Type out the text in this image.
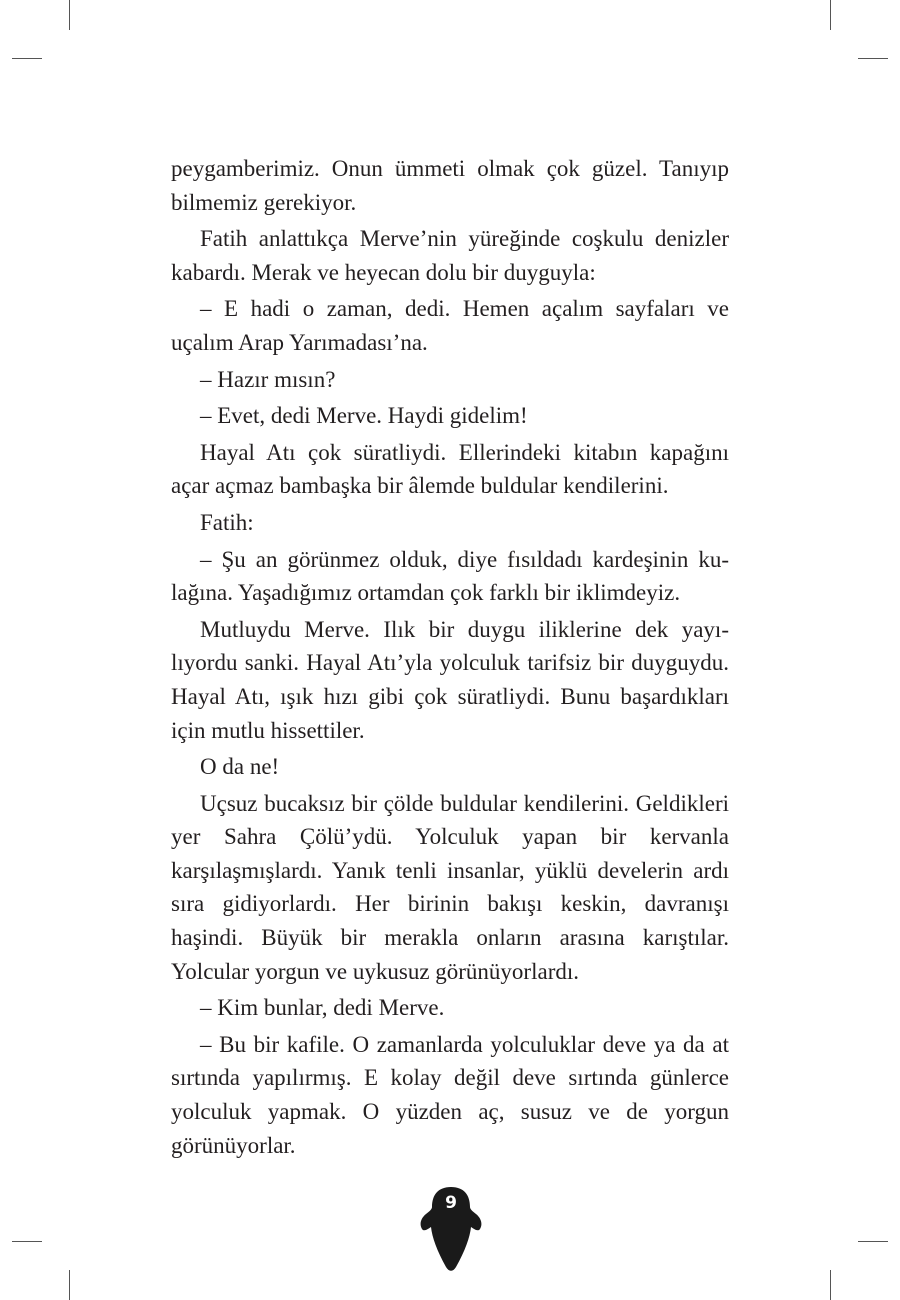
peygamberimiz. Onun ümmeti olmak çok güzel. Tanıyıp bilmemiz gerekiyor.

Fatih anlattıkça Merve’nin yüreğinde coşkulu denizler kabardı. Merak ve heyecan dolu bir duyguyla:

– E hadi o zaman, dedi. Hemen açalım sayfaları ve uçalım Arap Yarımadası’na.

– Hazır mısın?

– Evet, dedi Merve. Haydi gidelim!

Hayal Atı çok süratliydi. Ellerindeki kitabın kapağını açar açmaz bambaşka bir âlemde buldular kendilerini.

Fatih:

– Şu an görünmez olduk, diye fısıldadı kardeşinin kulağına. Yaşadığımız ortamdan çok farklı bir iklimdeyiz.

Mutluydu Merve. Ilık bir duygu iliklerine dek yayılıyordu sanki. Hayal Atı’yla yolculuk tarifsiz bir duyguydu. Hayal Atı, ışık hızı gibi çok süratliydi. Bunu başardıkları için mutlu hissettiler.

O da ne!

Uçsuz bucaksız bir çölde buldular kendilerini. Geldikleri yer Sahra Çölü’ydü. Yolculuk yapan bir kervanla karşılaşmışlardı. Yanık tenli insanlar, yüklü develerin ardı sıra gidiyorlardı. Her birinin bakışı keskin, davranışı haşindi. Büyük bir merakla onların arasına karıştılar. Yolcular yorgun ve uykusuz görünüyorlardı.

– Kim bunlar, dedi Merve.

– Bu bir kafile. O zamanlarda yolculuklar deve ya da at sırtında yapılırmış. E kolay değil deve sırtında günlerce yolculuk yapmak. O yüzden aç, susuz ve de yorgun görünüyorlar.

9
